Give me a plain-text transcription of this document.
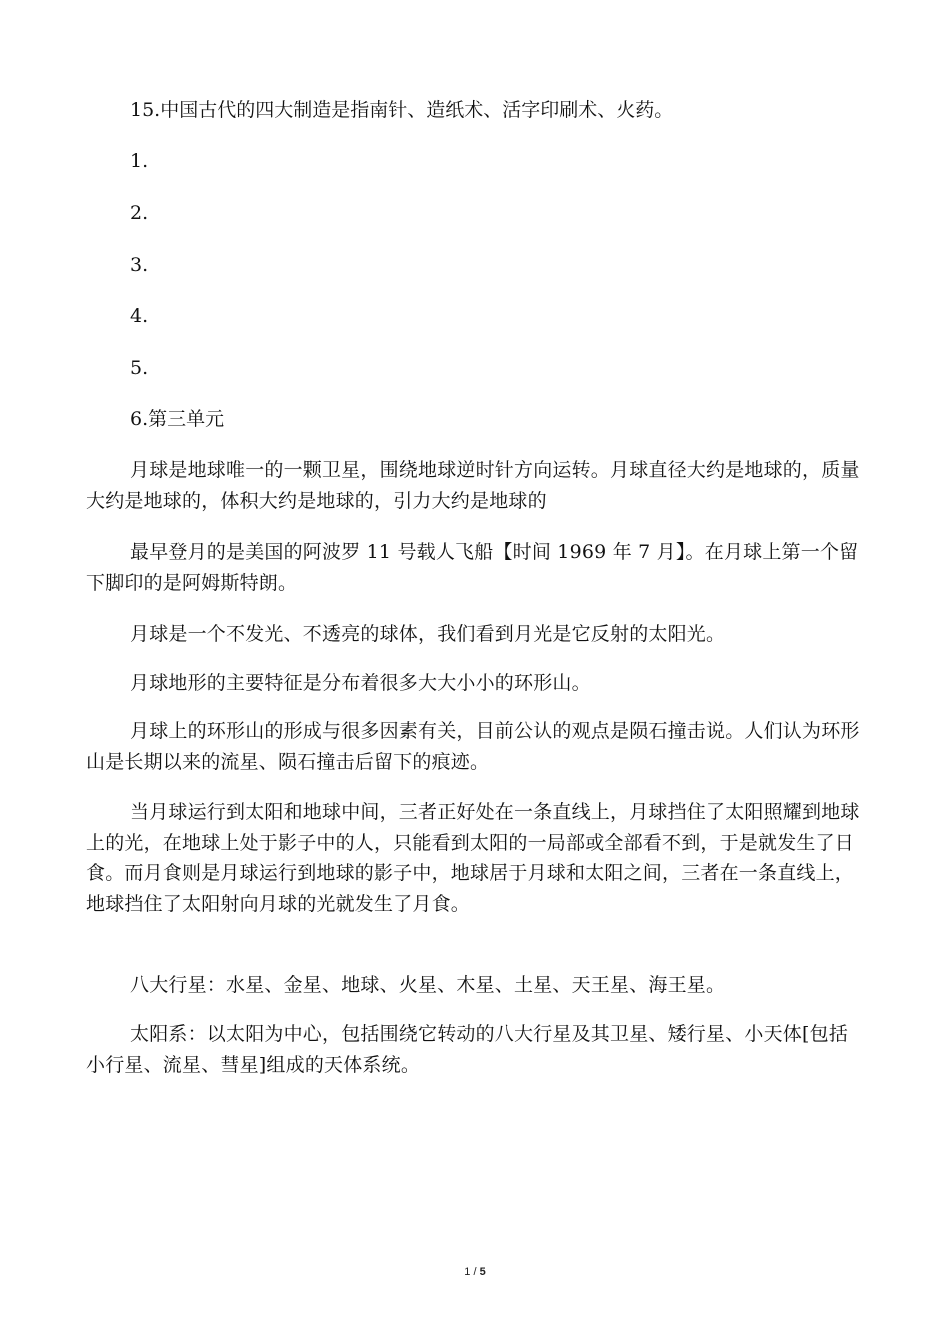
15.中国古代的四大制造是指南针、造纸术、活字印刷术、火药。
1.
2.
3.
4.
5.
6.第三单元
月球是地球唯一的一颗卫星，围绕地球逆时针方向运转。月球直径大约是地球的，质量大约是地球的，体积大约是地球的，引力大约是地球的
最早登月的是美国的阿波罗 11 号载人飞船【时间 1969 年 7 月】。在月球上第一个留下脚印的是阿姆斯特朗。
月球是一个不发光、不透亮的球体，我们看到月光是它反射的太阳光。
月球地形的主要特征是分布着很多大大小小的环形山。
月球上的环形山的形成与很多因素有关，目前公认的观点是陨石撞击说。人们认为环形山是长期以来的流星、陨石撞击后留下的痕迹。
当月球运行到太阳和地球中间，三者正好处在一条直线上，月球挡住了太阳照耀到地球上的光，在地球上处于影子中的人，只能看到太阳的一局部或全部看不到，于是就发生了日食。而月食则是月球运行到地球的影子中，地球居于月球和太阳之间，三者在一条直线上，地球挡住了太阳射向月球的光就发生了月食。
八大行星：水星、金星、地球、火星、木星、土星、天王星、海王星。
太阳系：以太阳为中心，包括围绕它转动的八大行星及其卫星、矮行星、小天体[包括小行星、流星、彗星]组成的天体系统。
1 / 5
